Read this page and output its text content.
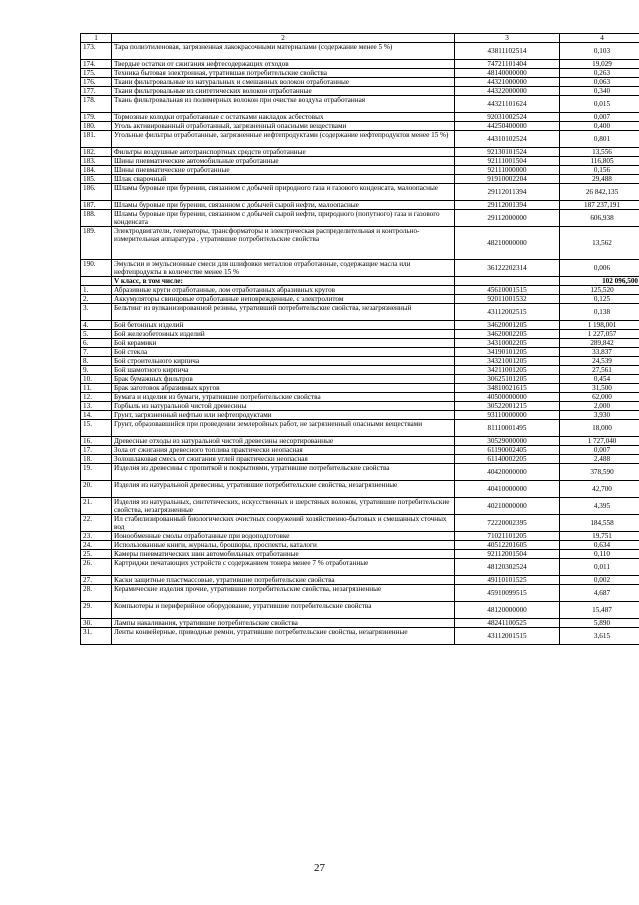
1	2	3	4
173.	Тара полиэтиленовая, загрязненная лакокрасочными материалами (содержание менее 5 %)	43811102514	0,103
174.	Твердые остатки от сжигания нефтесодержащих отходов	74721101404	19,029
175.	Техника бытовая электронная, утратившая потребительские свойства	48140000000	0,263
176.	Ткани фильтровальные из натуральных и смешанных волокон отработанные	44321000000	0,063
177.	Ткани фильтровальные из синтетических волокон отработанные	44322000000	0,340
178.	Ткань фильтровальная из полимерных волокон при очистке воздуха отработанная	44321101624	0,015
179.	Тормозные колодки отработанные с остатками накладок асбестовых	92031002524	0,007
180.	Уголь активированный отработанный, загрязненный опасными веществами	44250400000	0,400
181.	Угольные фильтры отработанные, загрязненные нефтепродуктами (содержание нефтепродуктов менее 15 %)	44310102524	0,801
182.	Фильтры воздушные автотранспортных средств отработанные	92130101524	13,556
183.	Шины пневматические автомобильные отработанные	92111001504	116,805
184.	Шины пневматические отработанные	92111000000	0,156
185.	Шлак сварочный	91910002204	29,488
186.	Шламы буровые при бурении, связанном с добычей природного газа и газового конденсата, малоопасные	29112011394	26 842,135
187.	Шламы буровые при бурении, связанном с добычей сырой нефти, малоопасные	29112001394	187 237,191
188.	Шламы буровые при бурении, связанном с добычей сырой нефти, природного (попутного) газа и газового конденсата	29112000000	606,938
189.	Электродвигатели, генераторы, трансформаторы и электрическая распределительная и контрольно-измерительная аппаратура , утратившие потребительские свойства	48210000000	13,562
190.	Эмульсии и эмульсионные смеси для шлифовки металлов отработанные, содержащие масла или нефтепродукты в количестве менее 15 %	36122202314	0,006
	V класс, в том числе:		102 096,500
1.	Абразивные круги отработанные, лом отработанных абразивных кругов	45610001515	125,520
2.	Аккумуляторы свинцовые отработанные неповрежденные, с электролитом	92011001532	0,125
3.	Бельтинг из вулканизированной резины, утративший потребительские свойства, незагрязненный	43112002515	0,138
4.	Бой бетонных изделий	34620001205	1 198,001
5.	Бой железобетонных изделий	34620002205	1 227,057
6.	Бой керамики	34310002205	289,842
7.	Бой стекла	34190101205	33,837
8.	Бой строительного кирпича	34321001205	24,539
9.	Бой шамотного кирпича	34211001205	27,561
10.	Брак бумажных фильтров	30625101205	0,454
11.	Брак заготовок абразивных кругов	34810021615	31,500
12.	Бумага и изделия из бумаги, утратившие потребительские свойства	40500000000	62,000
13.	Горбыль из натуральной чистой древесины	30522001215	2,000
14.	Грунт, загрязненный нефтью или нефтепродуктами	93110000000	3,930
15.	Грунт, образовавшийся при проведении землеройных работ, не загрязненный опасными веществами	81110001495	18,000
16.	Древесные отходы из натуральной чистой древесины несортированные	30529000000	1 727,040
17.	Зола от сжигания древесного топлива практически неопасная	61190002405	0,007
18.	Золошлаковая смесь от сжигания углей практически неопасная	61140002205	2,488
19.	Изделия из древесины с пропиткой и покрытиями, утратившие потребительские свойства	40420000000	378,590
20.	Изделия из натуральной древесины, утратившие потребительские свойства, незагрязненные	40410000000	42,700
21.	Изделия из натуральных, синтетических, искусственных и шерстяных волокон, утратившие потребительские свойства, незагрязненные	40210000000	4,395
22.	Ил стабилизированный биологических очистных сооружений хозяйственно-бытовых и смешанных сточных вод	72220002395	184,558
23.	Ионообменные смолы отработанные при водоподготовке	71021101205	19,751
24.	Использованные книги, журналы, брошюры, проспекты, каталоги	40512201605	0,634
25.	Камеры пневматических шин автомобильных отработанные	92112001504	0,110
26.	Картриджи печатающих устройств с содержанием тонера менее 7 % отработанные	48120302524	0,011
27.	Каски защитные пластмассовые, утратившие потребительские свойства	49110101525	0,002
28.	Керамические изделия прочие, утратившие потребительские свойства, незагрязненные	45910099515	4,687
29.	Компьютеры и периферийное оборудование, утратившие потребительские свойства	48120000000	15,487
30.	Лампы накаливания, утратившие потребительские свойства	48241100525	5,890
31.	Ленты конвейерные, приводные ремни, утратившие потребительские свойства, незагрязненные	43112001515	3,615
27
